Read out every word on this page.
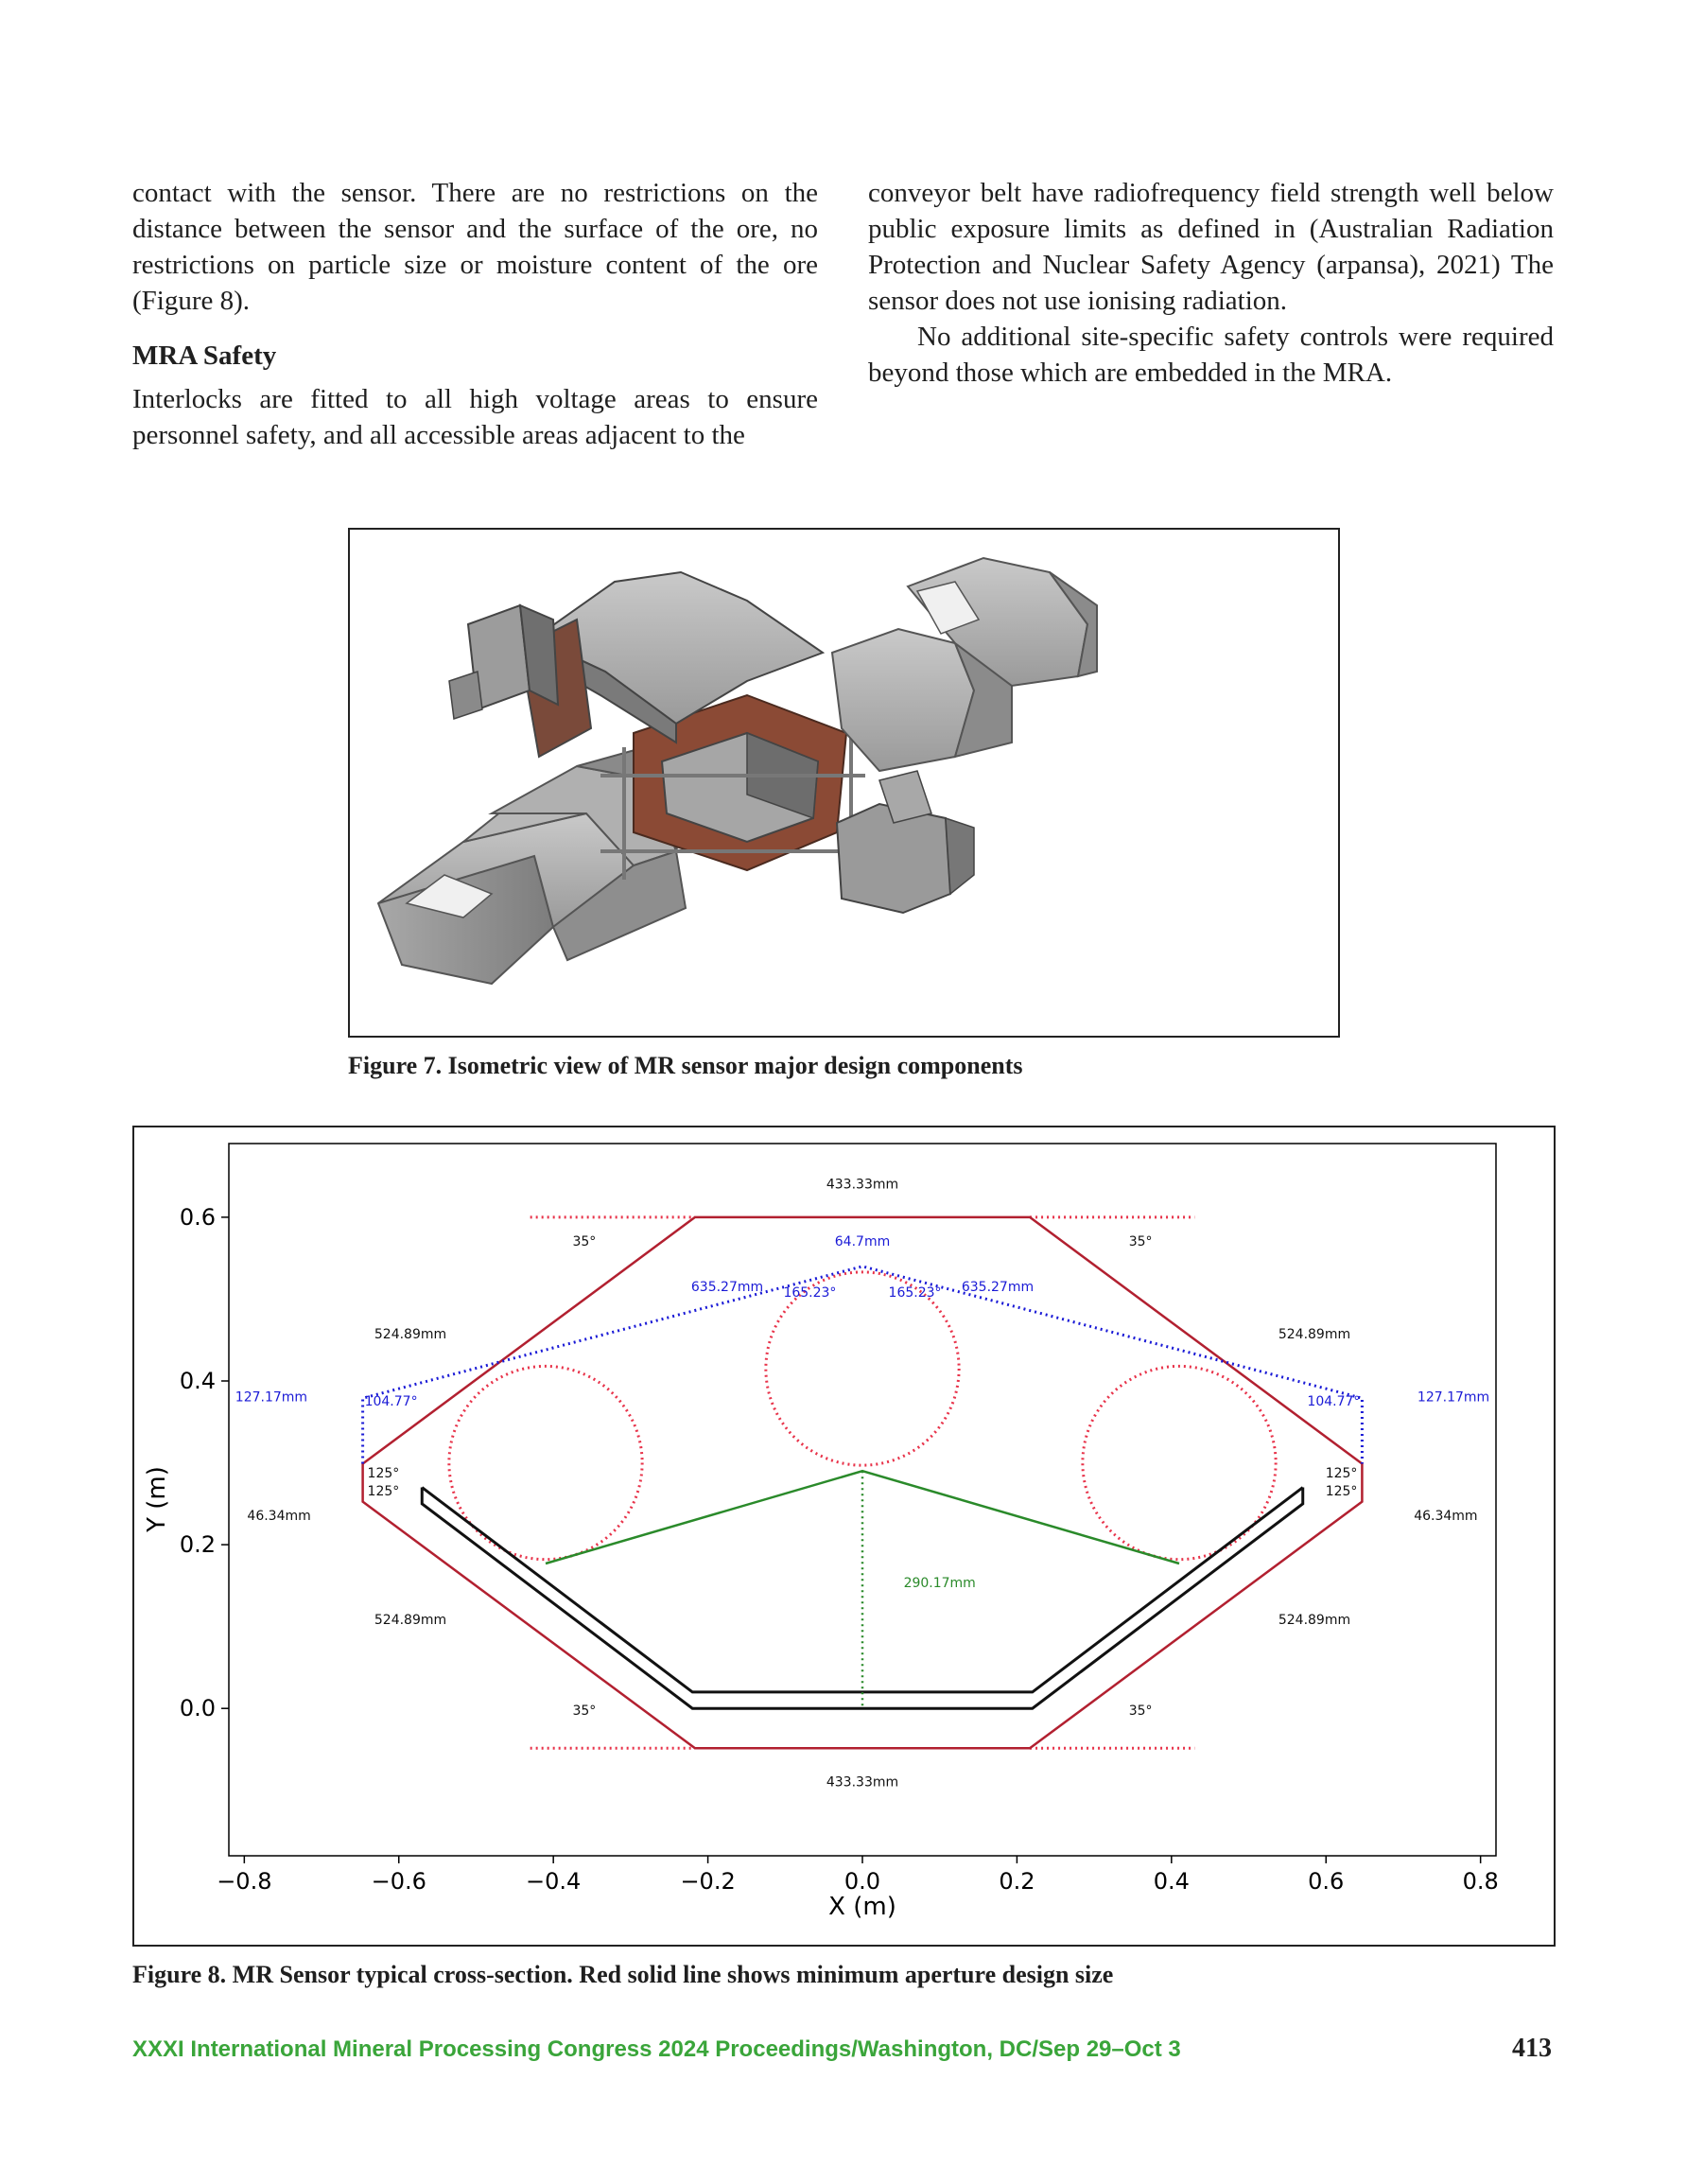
contact with the sensor. There are no restrictions on the distance between the sensor and the surface of the ore, no restrictions on particle size or moisture content of the ore (Figure 8).

MRA Safety

Interlocks are fitted to all high voltage areas to ensure personnel safety, and all accessible areas adjacent to the

conveyor belt have radiofrequency field strength well below public exposure limits as defined in (Australian Radiation Protection and Nuclear Safety Agency (arpansa), 2021) The sensor does not use ionising radiation.

No additional site-specific safety controls were required beyond those which are embedded in the MRA.

Figure 7. Isometric view of MR sensor major design components
−0.8	−0.6	−0.4	−0.2	0.0	0.2	0.4	0.6	0.8
0.0
0.2
0.4
0.6
433.33mm
35°	35°
64.7mm
635.27mm	635.27mm
165.23°	165.23°
524.89mm	524.89mm
127.17mm	127.17mm
104.77°	104.77°
125°
125°
125°
125°
46.34mm	46.34mm
290.17mm
524.89mm	524.89mm
35°	35°
433.33mm
X (m)
Y (m)
Figure 8. MR Sensor typical cross-section. Red solid line shows minimum aperture design size
XXXI International Mineral Processing Congress 2024 Proceedings/Washington, DC/Sep 29–Oct 3	413
